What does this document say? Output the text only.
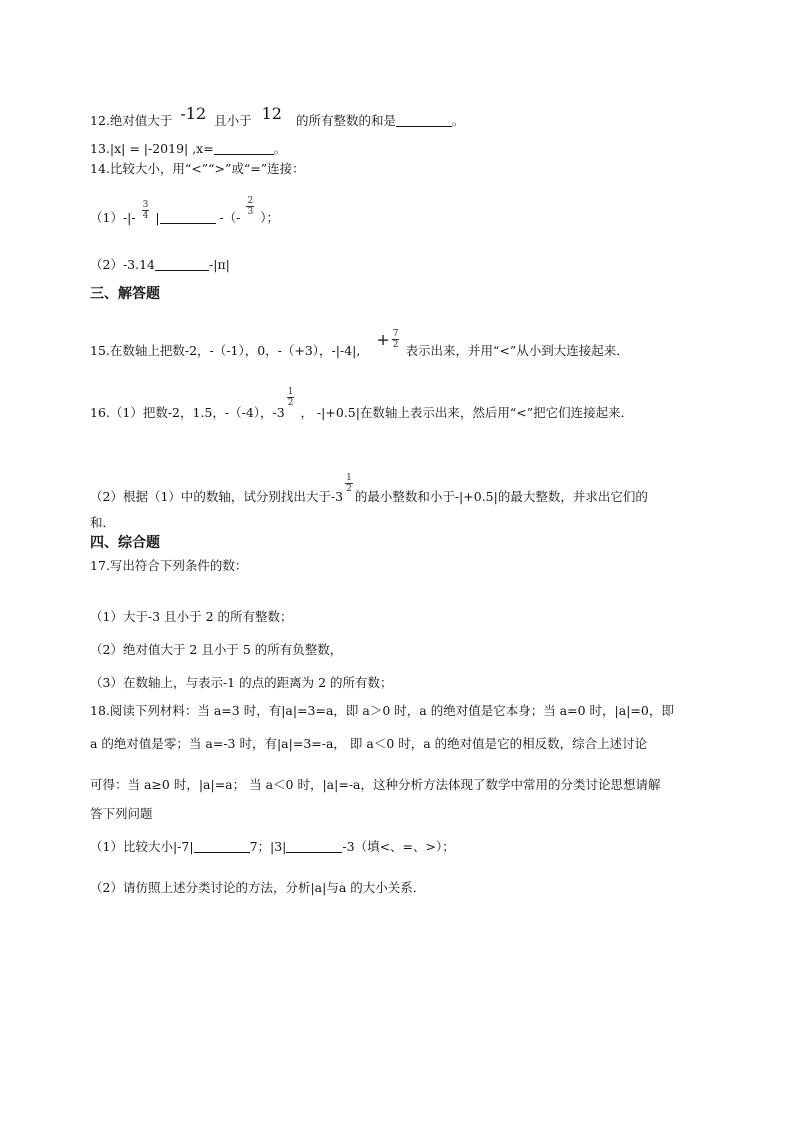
12.绝对值大于 -12 且小于 12 的所有整数的和是	。
13.|x| = |-2019| ,x=	。
14.比较大小，用“<”“>”或“=”连接：
$(1)-|- \frac{3}{4}$ |	-（-
$\frac{2}{3}$
）；
（2）-3.14	-|π|
三、解答题
15.在数轴上把数-2，-（-1），0，-（+3），-|-4|, + $\frac{7}{2}$
表示出来，并用“<”从小到大连接起来．
16.（1）把数-2，1.5，-（-4），-3
$\frac{1}{2}$
， -|+0.5|在数轴上表示出来，然后用“<”把它们连接起来．
（2）根据（1）中的数轴，试分别找出大于-3
$\frac{1}{2}$
的最小整数和小于-|+0.5|的最大整数，并求出它们的
和．
四、综合题
17.写出符合下列条件的数：
（1）大于-3 且小于 2 的所有整数；
（2）绝对值大于 2 且小于 5 的所有负整数，
（3）在数轴上，与表示-1 的点的距离为 2 的所有数；
18.阅读下列材料：当 a=3 时，有|a|=3=a，即 a＞0 时，a 的绝对值是它本身；当 a=0 时，|a|=0，即
a 的绝对值是零；当 a=-3 时，有|a|=3=-a， 即 a＜0 时，a 的绝对值是它的相反数，综合上述讨论
可得：当 a≥0 时，|a|=a； 当 a＜0 时，|a|=-a，这种分析方法体现了数学中常用的分类讨论思想请解
答下列问题
（1）比较大小|-7|	7；|3|	-3（填<、=、>）；
（2）请仿照上述分类讨论的方法，分析|a|与a 的大小关系．
